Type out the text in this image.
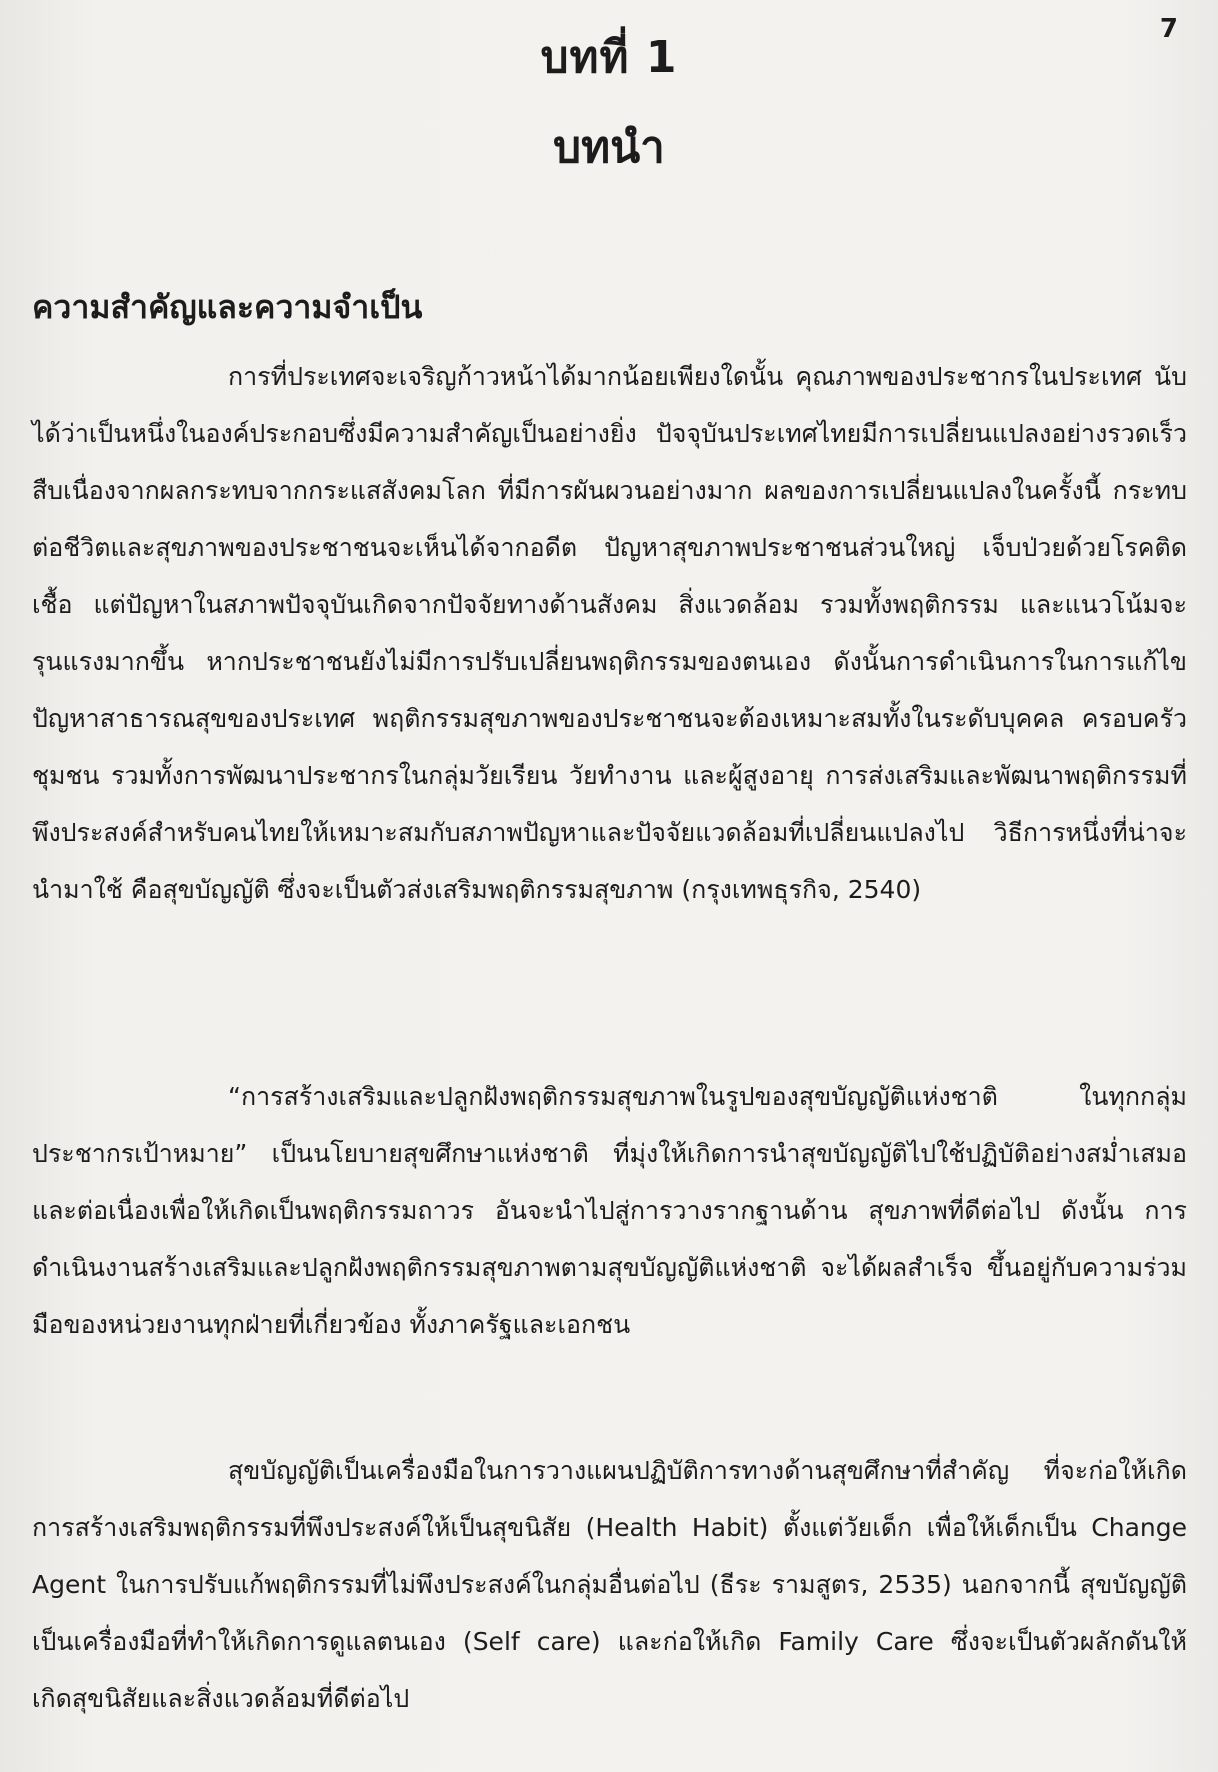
7
บทที่ 1
บทนำ
ความสำคัญและความจำเป็น

การที่ประเทศจะเจริญก้าวหน้าได้มากน้อยเพียงใดนั้น คุณภาพของประชากรในประเทศ นับได้ว่าเป็นหนึ่งในองค์ประกอบซึ่งมีความสำคัญเป็นอย่างยิ่ง ปัจจุบันประเทศไทยมีการเปลี่ยนแปลงอย่างรวดเร็ว สืบเนื่องจากผลกระทบจากกระแสสังคมโลก ที่มีการผันผวนอย่างมาก ผลของการเปลี่ยนแปลงในครั้งนี้ กระทบต่อชีวิตและสุขภาพของประชาชนจะเห็นได้จากอดีต ปัญหาสุขภาพประชาชนส่วนใหญ่ เจ็บป่วยด้วยโรคติดเชื้อ แต่ปัญหาในสภาพปัจจุบันเกิดจากปัจจัยทางด้านสังคม สิ่งแวดล้อม รวมทั้งพฤติกรรม และแนวโน้มจะรุนแรงมากขึ้น หากประชาชนยังไม่มีการปรับเปลี่ยนพฤติกรรมของตนเอง ดังนั้นการดำเนินการในการแก้ไขปัญหาสาธารณสุขของประเทศ พฤติกรรมสุขภาพของประชาชนจะต้องเหมาะสมทั้งในระดับบุคคล ครอบครัว ชุมชน รวมทั้งการพัฒนาประชากรในกลุ่มวัยเรียน วัยทำงาน และผู้สูงอายุ การส่งเสริมและพัฒนาพฤติกรรมที่พึงประสงค์สำหรับคนไทยให้เหมาะสมกับสภาพปัญหาและปัจจัยแวดล้อมที่เปลี่ยนแปลงไป วิธีการหนึ่งที่น่าจะนำมาใช้ คือสุขบัญญัติ ซึ่งจะเป็นตัวส่งเสริมพฤติกรรมสุขภาพ (กรุงเทพธุรกิจ, 2540)

“การสร้างเสริมและปลูกฝังพฤติกรรมสุขภาพในรูปของสุขบัญญัติแห่งชาติ ในทุกกลุ่มประชากรเป้าหมาย” เป็นนโยบายสุขศึกษาแห่งชาติ ที่มุ่งให้เกิดการนำสุขบัญญัติไปใช้ปฏิบัติอย่างสม่ำเสมอ และต่อเนื่องเพื่อให้เกิดเป็นพฤติกรรมถาวร อันจะนำไปสู่การวางรากฐานด้าน สุขภาพที่ดีต่อไป ดังนั้น การดำเนินงานสร้างเสริมและปลูกฝังพฤติกรรมสุขภาพตามสุขบัญญัติแห่งชาติ จะได้ผลสำเร็จ ขึ้นอยู่กับความร่วมมือของหน่วยงานทุกฝ่ายที่เกี่ยวข้อง ทั้งภาครัฐและเอกชน

สุขบัญญัติเป็นเครื่องมือในการวางแผนปฏิบัติการทางด้านสุขศึกษาที่สำคัญ ที่จะก่อให้เกิดการสร้างเสริมพฤติกรรมที่พึงประสงค์ให้เป็นสุขนิสัย (Health Habit) ตั้งแต่วัยเด็ก เพื่อให้เด็กเป็น Change Agent ในการปรับแก้พฤติกรรมที่ไม่พึงประสงค์ในกลุ่มอื่นต่อไป (ธีระ รามสูตร, 2535) นอกจากนี้ สุขบัญญัติเป็นเครื่องมือที่ทำให้เกิดการดูแลตนเอง (Self care) และก่อให้เกิด Family Care ซึ่งจะเป็นตัวผลักดันให้เกิดสุขนิสัยและสิ่งแวดล้อมที่ดีต่อไป
